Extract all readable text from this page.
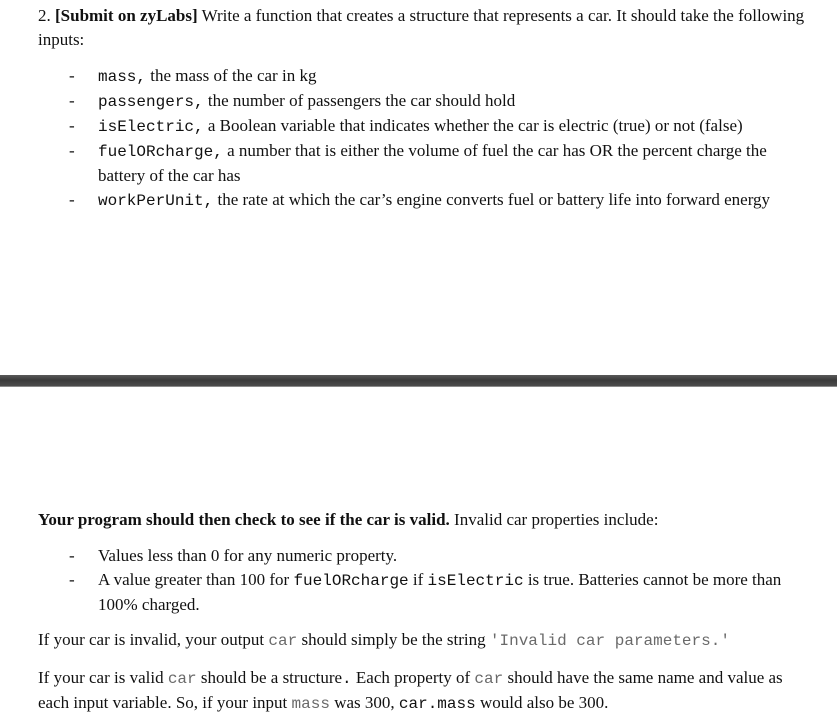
2. [Submit on zyLabs] Write a function that creates a structure that represents a car. It should take the following inputs:

- mass, the mass of the car in kg
- passengers, the number of passengers the car should hold
- isElectric, a Boolean variable that indicates whether the car is electric (true) or not (false)
- fuelORcharge, a number that is either the volume of fuel the car has OR the percent charge the battery of the car has
- workPerUnit, the rate at which the car’s engine converts fuel or battery life into forward energy

Your program should then check to see if the car is valid. Invalid car properties include:

- Values less than 0 for any numeric property.
- A value greater than 100 for fuelORcharge if isElectric is true. Batteries cannot be more than 100% charged.

If your car is invalid, your output car should simply be the string 'Invalid car parameters.'

If your car is valid car should be a structure. Each property of car should have the same name and value as each input variable. So, if your input mass was 300, car.mass would also be 300.
